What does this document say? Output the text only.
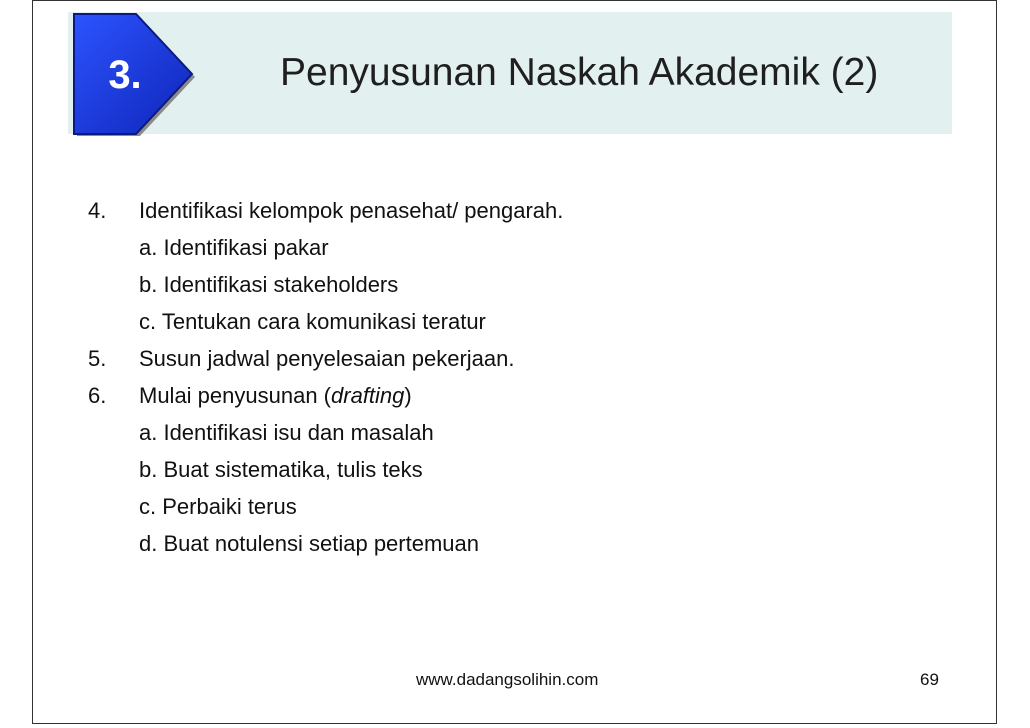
3.	Penyusunan Naskah Akademik (2)
4.	Identifikasi kelompok penasehat/ pengarah.
a. Identifikasi pakar
b. Identifikasi stakeholders
c. Tentukan cara komunikasi teratur
5.	Susun jadwal penyelesaian pekerjaan.
6.	Mulai penyusunan (drafting)
a. Identifikasi isu dan masalah
b. Buat sistematika, tulis teks
c. Perbaiki terus
d. Buat notulensi setiap pertemuan
www.dadangsolihin.com	69
